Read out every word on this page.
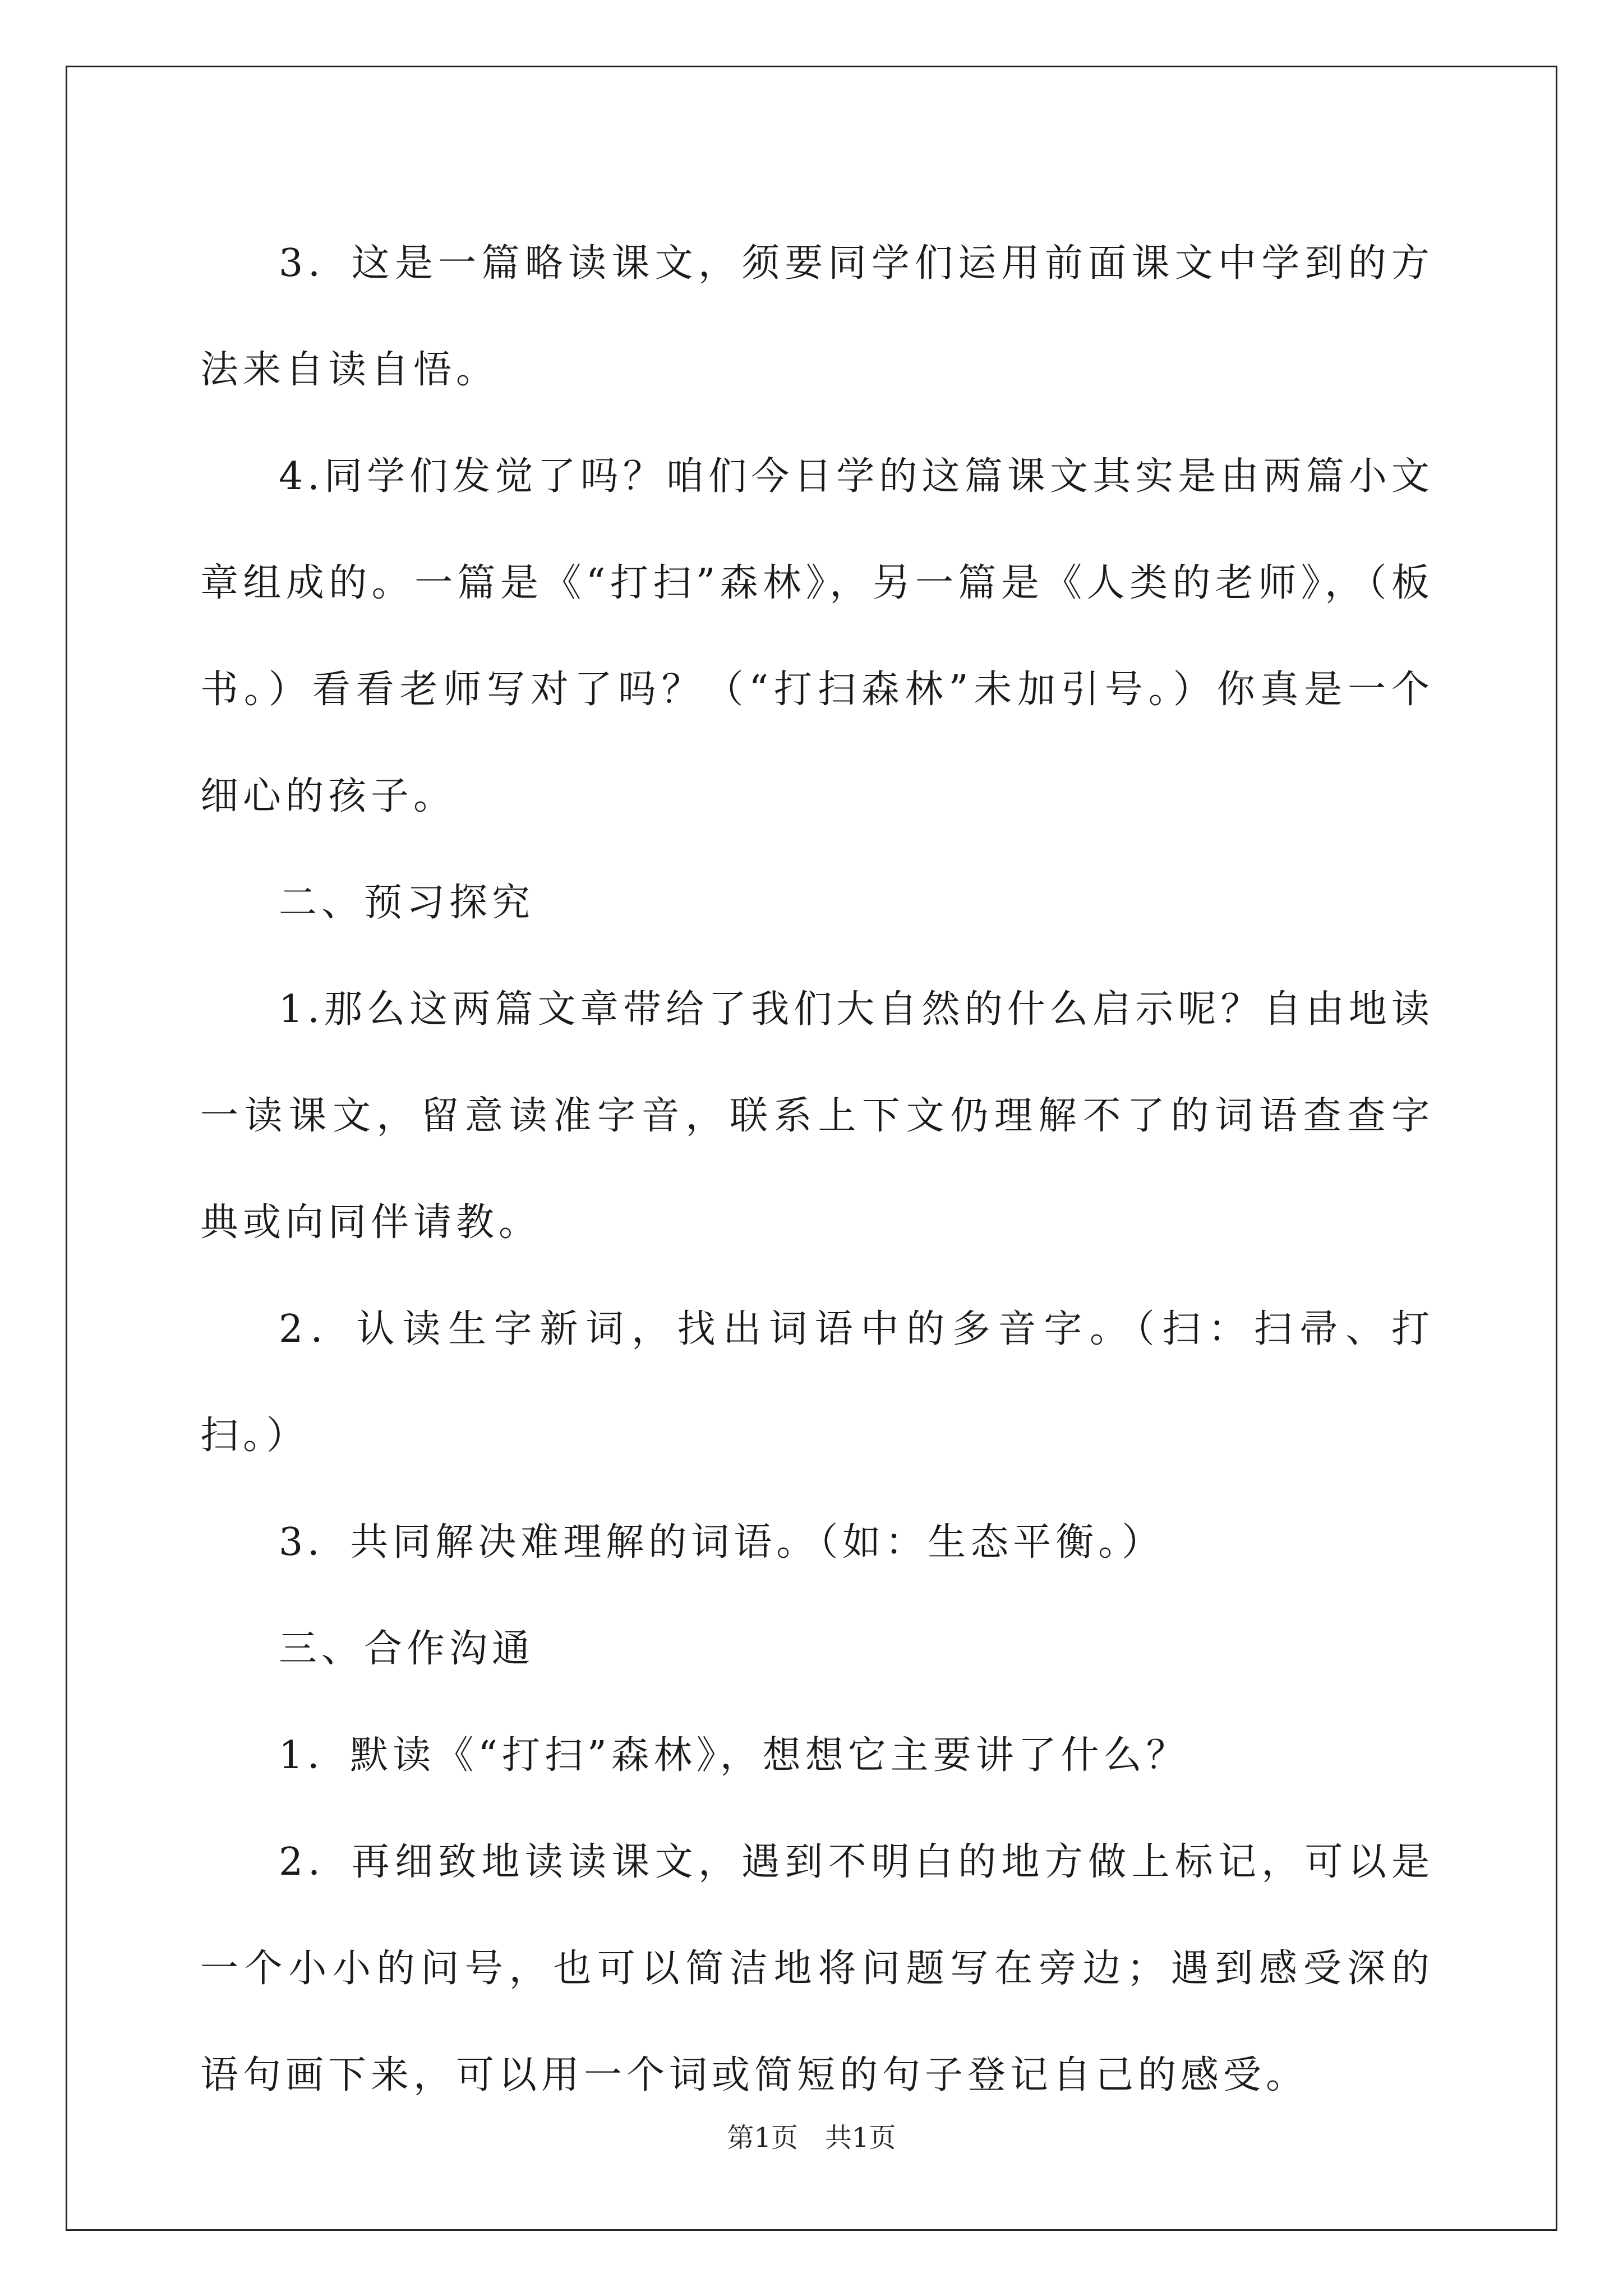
3．这是一篇略读课文，须要同学们运用前面课文中学到的方法来自读自悟。

4.同学们发觉了吗？咱们今日学的这篇课文其实是由两篇小文章组成的。一篇是《“打扫”森林》，另一篇是《人类的老师》，（板书。）看看老师写对了吗？（“打扫森林”未加引号。）你真是一个细心的孩子。

二、预习探究

1.那么这两篇文章带给了我们大自然的什么启示呢？自由地读一读课文，留意读准字音，联系上下文仍理解不了的词语查查字典或向同伴请教。

2．认读生字新词，找出词语中的多音字。（扫：扫帚、打扫。）

3．共同解决难理解的词语。（如：生态平衡。）

三、合作沟通

1．默读《“打扫”森林》，想想它主要讲了什么？

2．再细致地读读课文，遇到不明白的地方做上标记，可以是一个小小的问号，也可以简洁地将问题写在旁边；遇到感受深的语句画下来，可以用一个词或简短的句子登记自己的感受。

第1页　共1页
